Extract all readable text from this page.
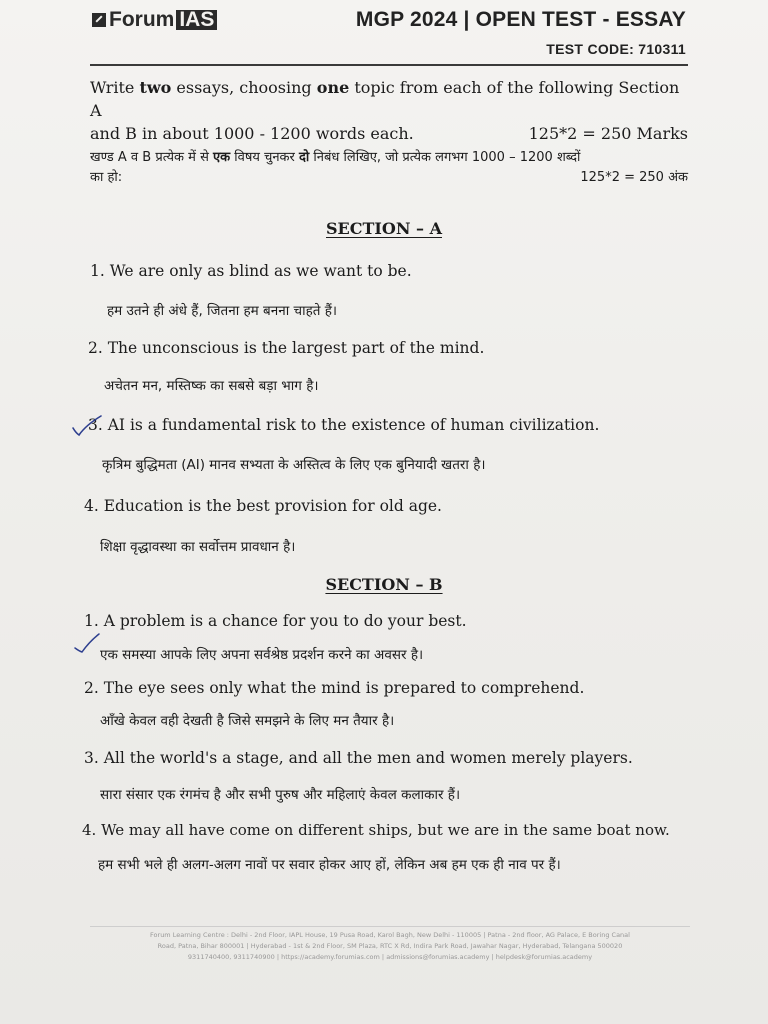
Forum IAS	MGP 2024 | OPEN TEST - ESSAY
TEST CODE: 710311
Write two essays, choosing one topic from each of the following Section A
and B in about 1000 - 1200 words each.	125*2 = 250 Marks
खण्ड A व B प्रत्येक में से एक विषय चुनकर दो निबंध लिखिए, जो प्रत्येक लगभग 1000 – 1200 शब्दों
का हो:	125*2 = 250 अंक
SECTION – A
1. We are only as blind as we want to be.
हम उतने ही अंधे हैं, जितना हम बनना चाहते हैं।
2. The unconscious is the largest part of the mind.
अचेतन मन, मस्तिष्क का सबसे बड़ा भाग है।
3. AI is a fundamental risk to the existence of human civilization.
कृत्रिम बुद्धिमता (AI) मानव सभ्यता के अस्तित्व के लिए एक बुनियादी खतरा है।
4. Education is the best provision for old age.
शिक्षा वृद्धावस्था का सर्वोत्तम प्रावधान है।
SECTION – B
1. A problem is a chance for you to do your best.
एक समस्या आपके लिए अपना सर्वश्रेष्ठ प्रदर्शन करने का अवसर है।
2. The eye sees only what the mind is prepared to comprehend.
आँखे केवल वही देखती है जिसे समझने के लिए मन तैयार है।
3. All the world's a stage, and all the men and women merely players.
सारा संसार एक रंगमंच है और सभी पुरुष और महिलाएं केवल कलाकार हैं।
4. We may all have come on different ships, but we are in the same boat now.
हम सभी भले ही अलग-अलग नावों पर सवार होकर आए हों, लेकिन अब हम एक ही नाव पर हैं।
Forum Learning Centre : Delhi - 2nd Floor, IAPL House, 19 Pusa Road, Karol Bagh, New Delhi - 110005 | Patna - 2nd floor, AG Palace, E Boring Canal
Road, Patna, Bihar 800001 | Hyderabad - 1st & 2nd Floor, SM Plaza, RTC X Rd, Indira Park Road, Jawahar Nagar, Hyderabad, Telangana 500020
9311740400, 9311740900 | https://academy.forumias.com | admissions@forumias.academy | helpdesk@forumias.academy
